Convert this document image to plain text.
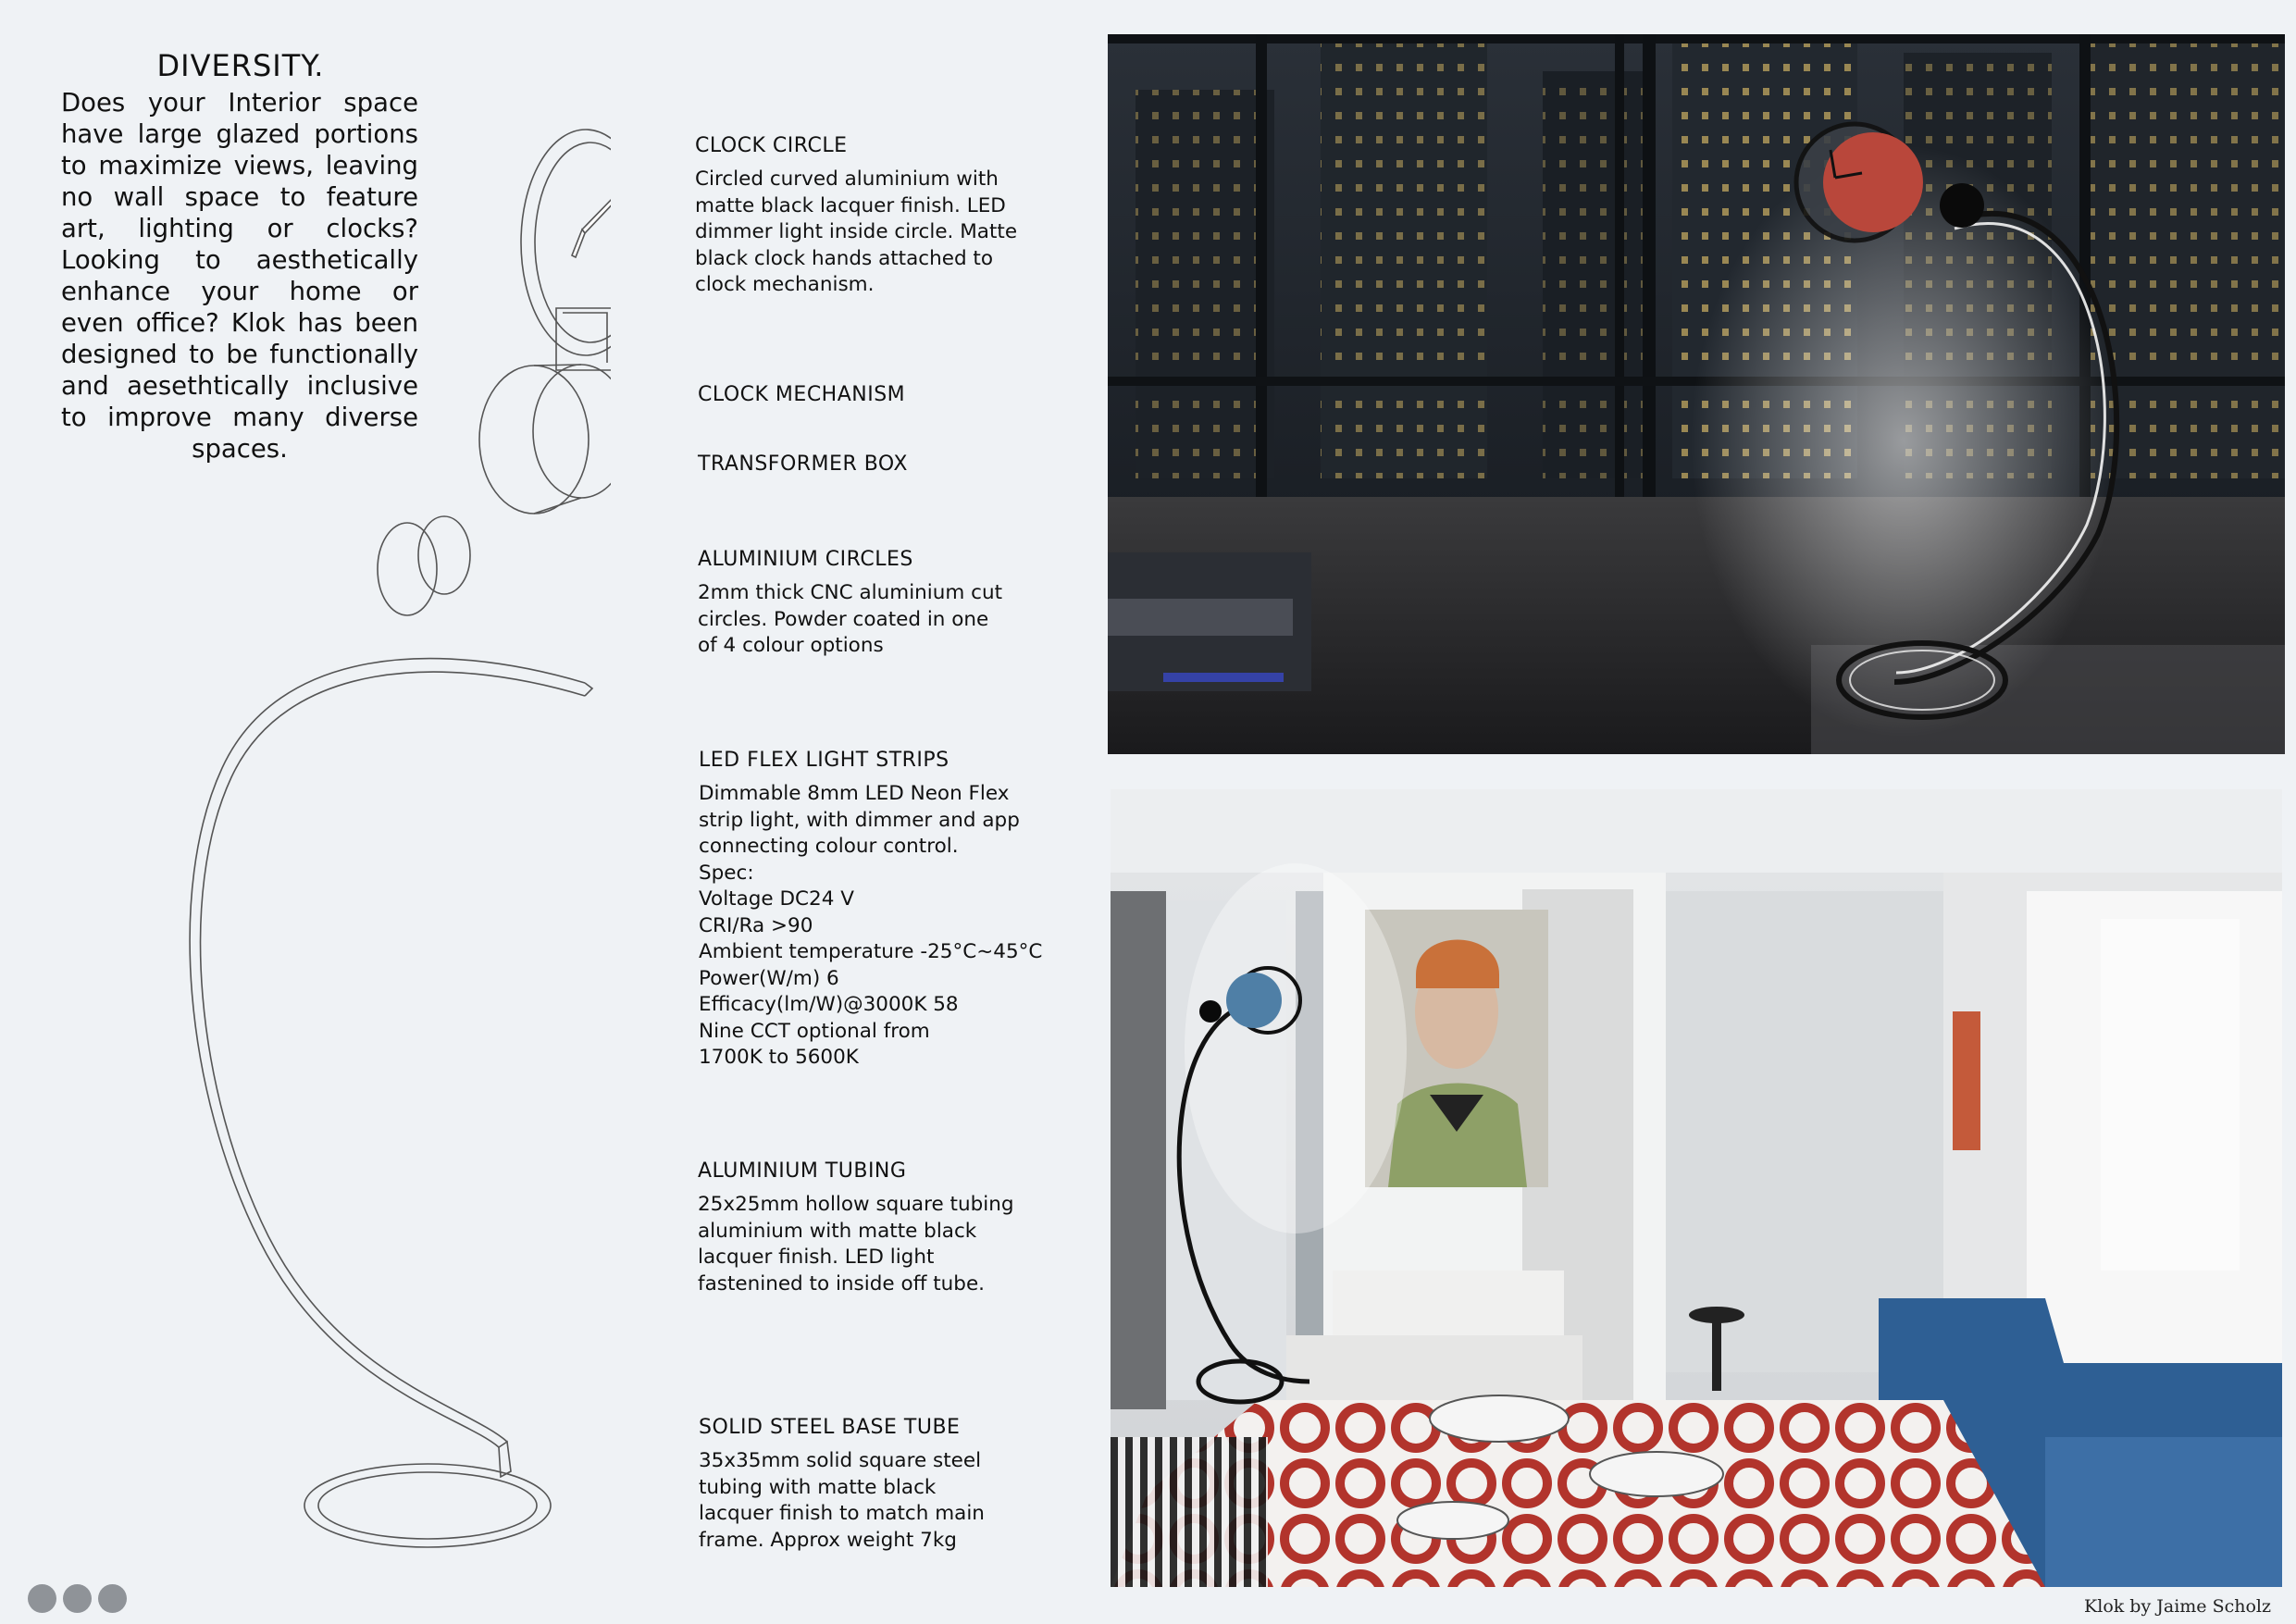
DIVERSITY.
Does your Interior space have large glazed portions to maximize views, leaving no wall space to feature art, lighting or clocks? Looking to aesthetically enhance your home or even office? Klok has been designed to be functionally and aesethtically inclusive to improve many diverse spaces.
CLOCK CIRCLE
Circled curved aluminium with
matte black lacquer finish. LED
dimmer light inside circle. Matte
black clock hands attached to
clock mechanism.
CLOCK MECHANISM
TRANSFORMER BOX
ALUMINIUM CIRCLES
2mm thick CNC aluminium cut
circles. Powder coated in one
of 4 colour options
LED FLEX LIGHT STRIPS
Dimmable 8mm LED Neon Flex
strip light, with dimmer and app
connecting colour control.
Spec:
Voltage DC24 V
CRI/Ra >90
Ambient temperature -25°C~45°C
Power(W/m) 6
Efficacy(lm/W)@3000K 58
Nine CCT optional from
1700K to 5600K
ALUMINIUM TUBING
25x25mm hollow square tubing
aluminium with matte black
lacquer finish. LED light
fastenined to inside off tube.
SOLID STEEL BASE TUBE
35x35mm solid square steel
tubing with matte black
lacquer finish to match main
frame. Approx weight 7kg
Klok by Jaime Scholz
